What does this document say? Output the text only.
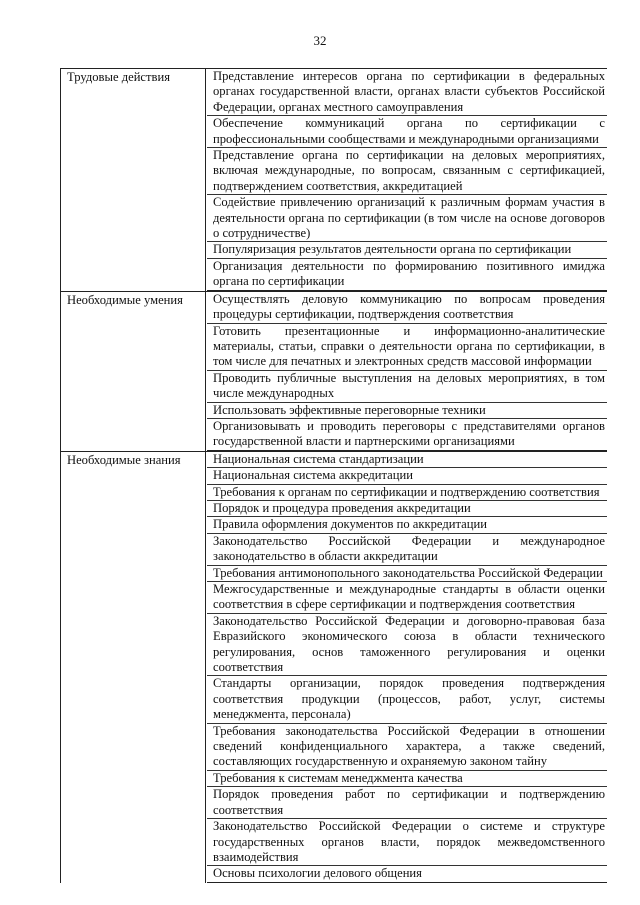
32
Трудовые действия	Представление интересов органа по сертификации в федеральных органах государственной власти, органах власти субъектов Российской Федерации, органах местного самоуправления
Обеспечение коммуникаций органа по сертификации с профессиональными сообществами и международными организациями
Представление органа по сертификации на деловых мероприятиях, включая международные, по вопросам, связанным с сертификацией, подтверждением соответствия, аккредитацией
Содействие привлечению организаций к различным формам участия в деятельности органа по сертификации (в том числе на основе договоров о сотрудничестве)
Популяризация результатов деятельности органа по сертификации
Организация деятельности по формированию позитивного имиджа органа по сертификации
Необходимые умения	Осуществлять деловую коммуникацию по вопросам проведения процедуры сертификации, подтверждения соответствия
Готовить презентационные и информационно-аналитические материалы, статьи, справки о деятельности органа по сертификации, в том числе для печатных и электронных средств массовой информации
Проводить публичные выступления на деловых мероприятиях, в том числе международных
Использовать эффективные переговорные техники
Организовывать и проводить переговоры с представителями органов государственной власти и партнерскими организациями
Необходимые знания	Национальная система стандартизации
Национальная система аккредитации
Требования к органам по сертификации и подтверждению соответствия
Порядок и процедура проведения аккредитации
Правила оформления документов по аккредитации
Законодательство Российской Федерации и международное законодательство в области аккредитации
Требования антимонопольного законодательства Российской Федерации
Межгосударственные и международные стандарты в области оценки соответствия в сфере сертификации и подтверждения соответствия
Законодательство Российской Федерации и договорно-правовая база Евразийского экономического союза в области технического регулирования, основ таможенного регулирования и оценки соответствия
Стандарты организации, порядок проведения подтверждения соответствия продукции (процессов, работ, услуг, системы менеджмента, персонала)
Требования законодательства Российской Федерации в отношении сведений конфиденциального характера, а также сведений, составляющих государственную и охраняемую законом тайну
Требования к системам менеджмента качества
Порядок проведения работ по сертификации и подтверждению соответствия
Законодательство Российской Федерации о системе и структуре государственных органов власти, порядок межведомственного взаимодействия
Основы психологии делового общения
